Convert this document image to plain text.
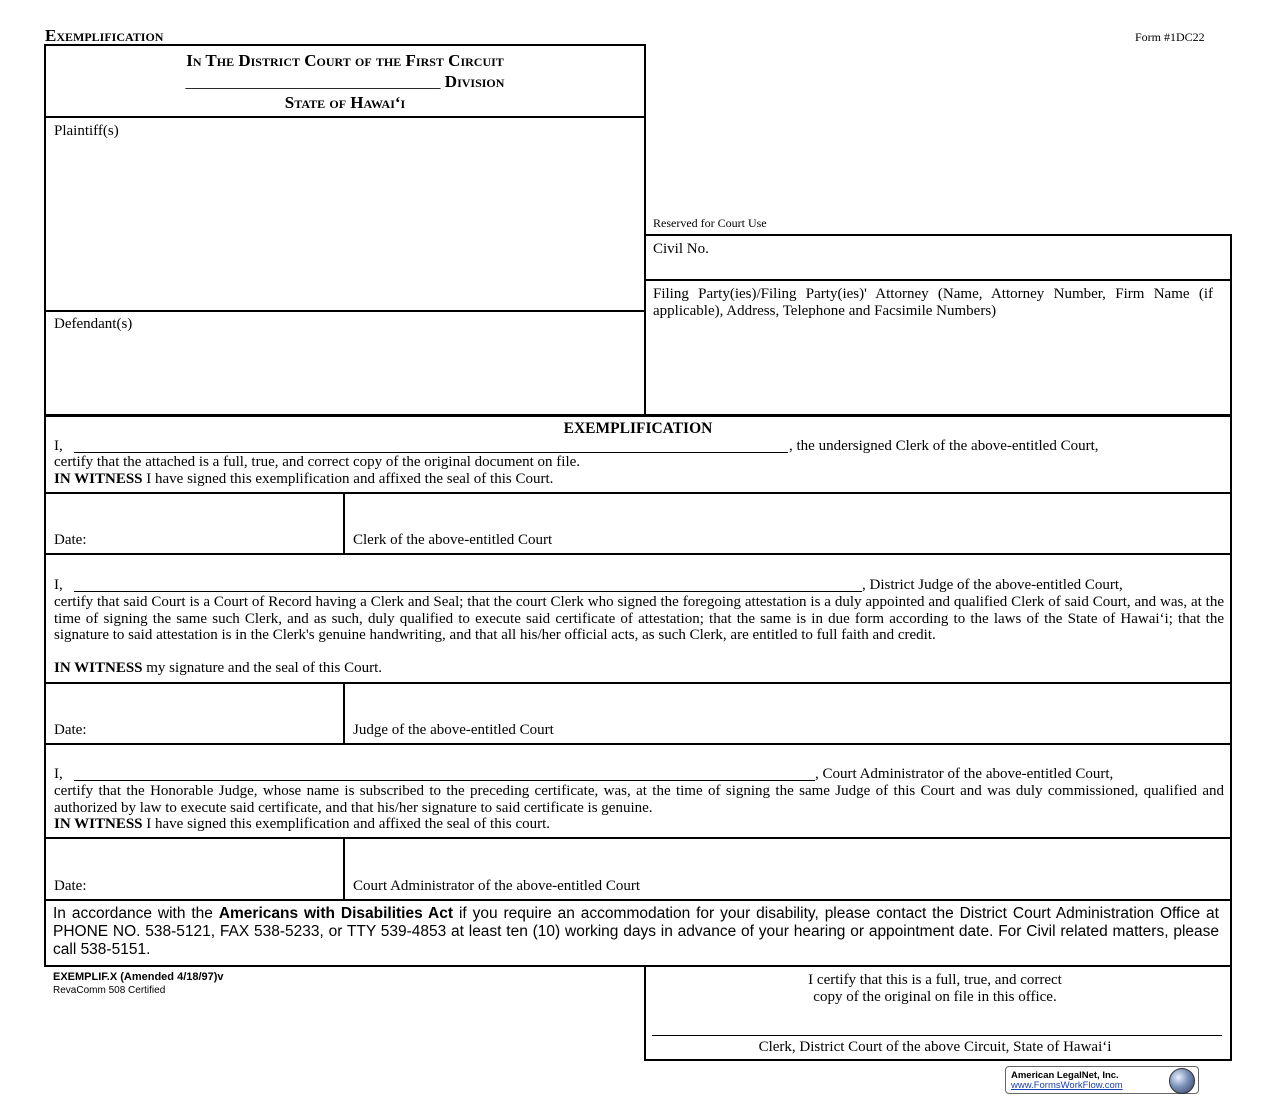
Exemplification	Form #1DC22
In The District Court of the First Circuit
______________________________ Division
State of Hawai‘i
Plaintiff(s)
Defendant(s)
Reserved for Court Use
Civil No.
Filing Party(ies)/Filing Party(ies)' Attorney (Name, Attorney Number, Firm Name (if applicable), Address, Telephone and Facsimile Numbers)
EXEMPLIFICATION
I,	, the undersigned Clerk of the above-entitled Court,
certify that the attached is a full, true, and correct copy of the original document on file.
IN WITNESS I have signed this exemplification and affixed the seal of this Court.
Date:	Clerk of the above-entitled Court
I,	, District Judge of the above-entitled Court,
certify that said Court is a Court of Record having a Clerk and Seal; that the court Clerk who signed the foregoing attestation is a duly appointed and qualified Clerk of said Court, and was, at the time of signing the same such Clerk, and as such, duly qualified to execute said certificate of attestation; that the same is in due form according to the laws of the State of Hawai‘i; that the signature to said attestation is in the Clerk's genuine handwriting, and that all his/her official acts, as such Clerk, are entitled to full faith and credit.
IN WITNESS my signature and the seal of this Court.
Date:	Judge of the above-entitled Court
I,	, Court Administrator of the above-entitled Court,
certify that the Honorable Judge, whose name is subscribed to the preceding certificate, was, at the time of signing the same Judge of this Court and was duly commissioned, qualified and authorized by law to execute said certificate, and that his/her signature to said certificate is genuine.
IN WITNESS I have signed this exemplification and affixed the seal of this court.
Date:	Court Administrator of the above-entitled Court
In accordance with the Americans with Disabilities Act if you require an accommodation for your disability, please contact the District Court Administration Office at PHONE NO. 538-5121, FAX 538-5233, or TTY 539-4853 at least ten (10) working days in advance of your hearing or appointment date. For Civil related matters, please call 538-5151.
EXEMPLIF.X (Amended 4/18/97)v
RevaComm 508 Certified
I certify that this is a full, true, and correct
copy of the original on file in this office.
Clerk, District Court of the above Circuit, State of Hawai‘i
American LegalNet, Inc.
www.FormsWorkFlow.com
